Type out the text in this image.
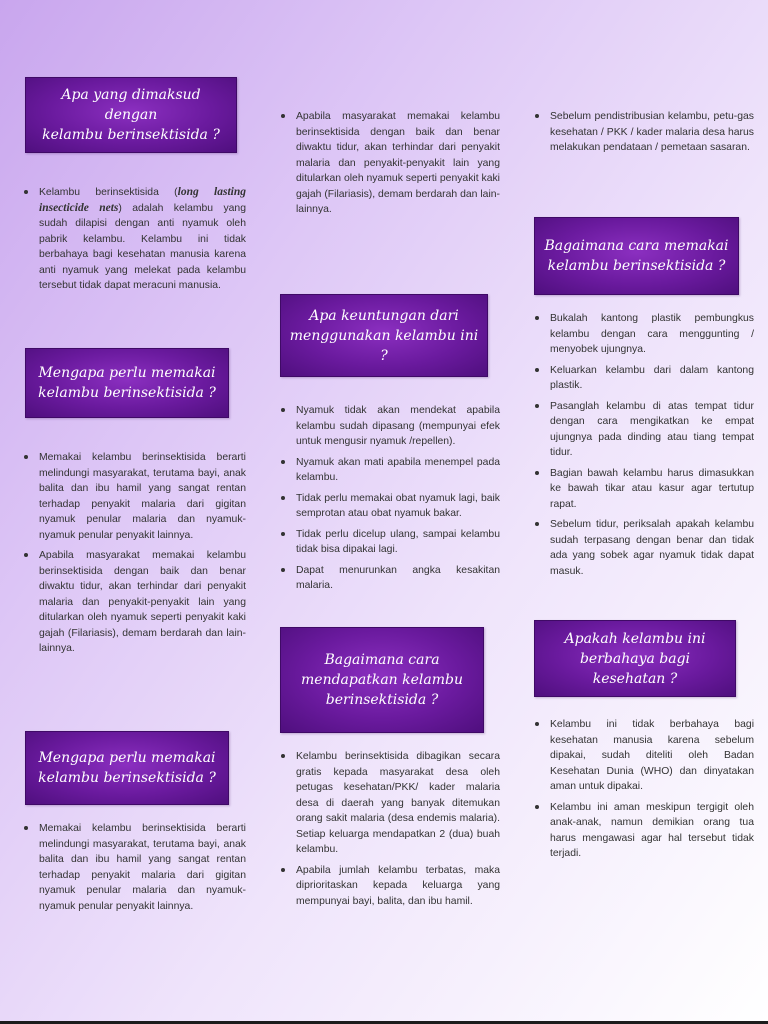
Apa yang dimaksud dengan
kelambu berinsektisida ?
• Kelambu berinsektisida (long lasting insecticide nets) adalah kelambu yang sudah dilapisi dengan anti nyamuk oleh pabrik kelambu. Kelambu ini tidak berbahaya bagi kesehatan manusia karena anti nyamuk yang melekat pada kelambu tersebut tidak dapat meracuni manusia.
Mengapa perlu memakai
kelambu berinsektisida ?
• Memakai kelambu berinsektisida berarti melindungi masyarakat, terutama bayi, anak balita dan ibu hamil yang sangat rentan terhadap penyakit malaria dari gigitan nyamuk penular malaria dan nyamuk-nyamuk penular penyakit lainnya.
• Apabila masyarakat memakai kelambu berinsektisida dengan baik dan benar diwaktu tidur, akan terhindar dari penyakit malaria dan penyakit-penyakit lain yang ditularkan oleh nyamuk seperti penyakit kaki gajah (Filariasis), demam berdarah dan lain-lainnya.
Mengapa perlu memakai
kelambu berinsektisida ?
• Memakai kelambu berinsektisida berarti melindungi masyarakat, terutama bayi, anak balita dan ibu hamil yang sangat rentan terhadap penyakit malaria dari gigitan nyamuk penular malaria dan nyamuk-nyamuk penular penyakit lainnya.
• Apabila masyarakat memakai kelambu berinsektisida dengan baik dan benar diwaktu tidur, akan terhindar dari penyakit malaria dan penyakit-penyakit lain yang ditularkan oleh nyamuk seperti penyakit kaki gajah (Filariasis), demam berdarah dan lain-lainnya.
Apa keuntungan dari
menggunakan kelambu ini ?
• Nyamuk tidak akan mendekat apabila kelambu sudah dipasang (mempunyai efek untuk mengusir nyamuk /repellen).
• Nyamuk akan mati apabila menempel pada kelambu.
• Tidak perlu memakai obat nyamuk lagi, baik semprotan atau obat nyamuk bakar.
• Tidak perlu dicelup ulang, sampai kelambu tidak bisa dipakai lagi.
• Dapat menurunkan angka kesakitan malaria.
Bagaimana cara
mendapatkan kelambu
berinsektisida ?
• Kelambu berinsektisida dibagikan secara gratis kepada masyarakat desa oleh petugas kesehatan/PKK/ kader malaria desa di daerah yang banyak ditemukan orang sakit malaria (desa endemis malaria). Setiap keluarga mendapatkan 2 (dua) buah kelambu.
• Apabila jumlah kelambu terbatas, maka diprioritaskan kepada keluarga yang mempunyai bayi, balita, dan ibu hamil.
• Sebelum pendistribusian kelambu, petu-gas kesehatan / PKK / kader malaria desa harus melakukan pendataan / pemetaan sasaran.
Bagaimana cara memakai
kelambu berinsektisida ?
• Bukalah kantong plastik pembungkus kelambu dengan cara menggunting / menyobek ujungnya.
• Keluarkan kelambu dari dalam kantong plastik.
• Pasanglah kelambu di atas tempat tidur dengan cara mengikatkan ke empat ujungnya pada dinding atau tiang tempat tidur.
• Bagian bawah kelambu harus dimasukkan ke bawah tikar atau kasur agar tertutup rapat.
• Sebelum tidur, periksalah apakah kelambu sudah terpasang dengan benar dan tidak ada yang sobek agar nyamuk tidak dapat masuk.
Apakah kelambu ini
berbahaya bagi kesehatan ?
• Kelambu ini tidak berbahaya bagi kesehatan manusia karena sebelum dipakai, sudah diteliti oleh Badan Kesehatan Dunia (WHO) dan dinyatakan aman untuk dipakai.
• Kelambu ini aman meskipun tergigit oleh anak-anak, namun demikian orang tua harus mengawasi agar hal tersebut tidak terjadi.
